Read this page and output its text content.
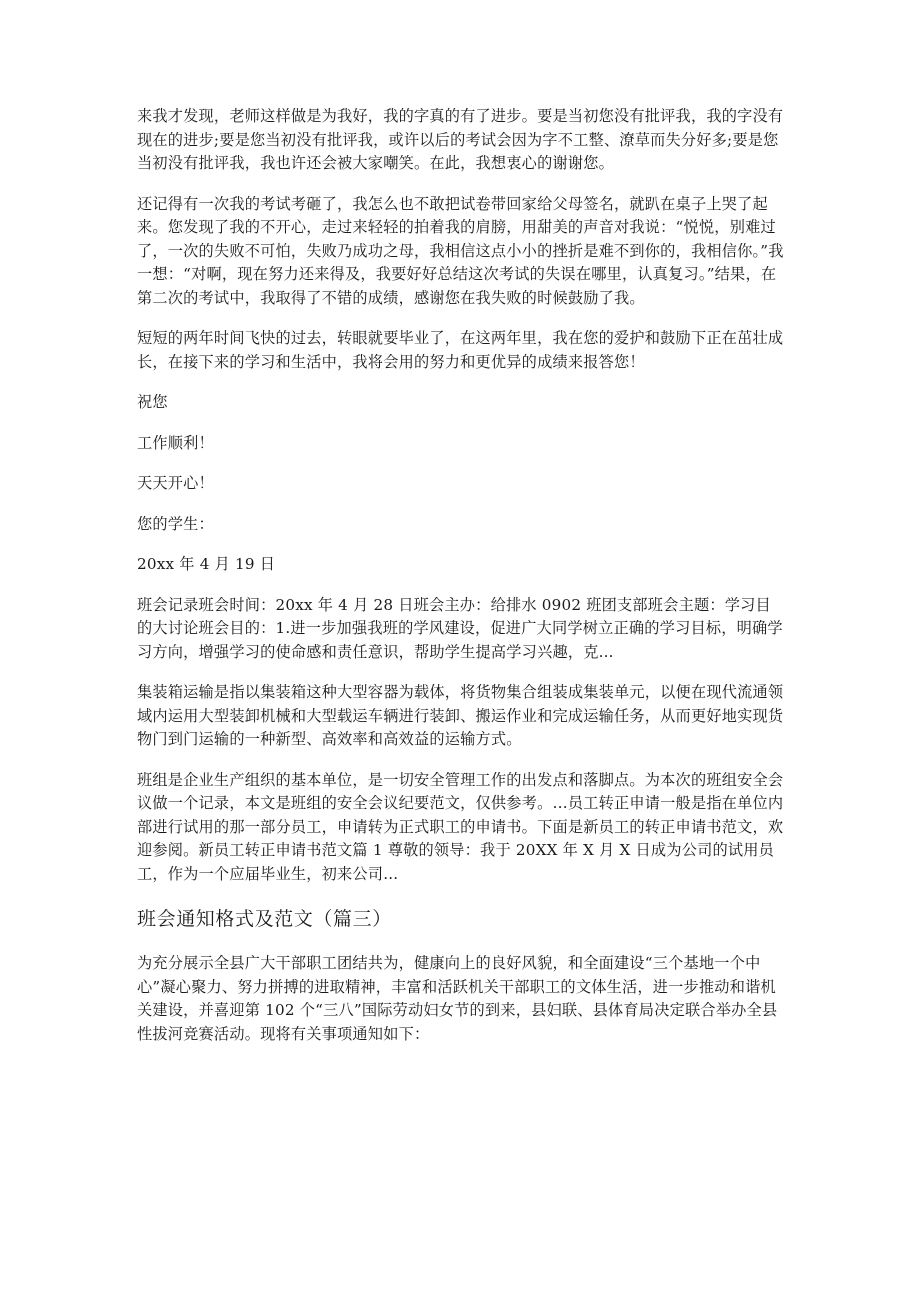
来我才发现，老师这样做是为我好，我的字真的有了进步。要是当初您没有批评我，我的字没有现在的进步;要是您当初没有批评我，或许以后的考试会因为字不工整、潦草而失分好多;要是您当初没有批评我，我也许还会被大家嘲笑。在此，我想衷心的谢谢您。

还记得有一次我的考试考砸了，我怎么也不敢把试卷带回家给父母签名，就趴在桌子上哭了起来。您发现了我的不开心，走过来轻轻的拍着我的肩膀，用甜美的声音对我说：“悦悦，别难过了，一次的失败不可怕，失败乃成功之母，我相信这点小小的挫折是难不到你的，我相信你。”我一想：“对啊，现在努力还来得及，我要好好总结这次考试的失误在哪里，认真复习。”结果，在第二次的考试中，我取得了不错的成绩，感谢您在我失败的时候鼓励了我。

短短的两年时间飞快的过去，转眼就要毕业了，在这两年里，我在您的爱护和鼓励下正在茁壮成长，在接下来的学习和生活中，我将会用的努力和更优异的成绩来报答您！

祝您

工作顺利！

天天开心！

您的学生：

20xx 年 4 月 19 日

班会记录班会时间：20xx 年 4 月 28 日班会主办：给排水 0902 班团支部班会主题：学习目的大讨论班会目的：1.进一步加强我班的学风建设，促进广大同学树立正确的学习目标，明确学习方向，增强学习的使命感和责任意识，帮助学生提高学习兴趣，克...

集装箱运输是指以集装箱这种大型容器为载体，将货物集合组装成集装单元，以便在现代流通领域内运用大型装卸机械和大型载运车辆进行装卸、搬运作业和完成运输任务，从而更好地实现货物门到门运输的一种新型、高效率和高效益的运输方式。

班组是企业生产组织的基本单位，是一切安全管理工作的出发点和落脚点。为本次的班组安全会议做一个记录，本文是班组的安全会议纪要范文，仅供参考。…员工转正申请一般是指在单位内部进行试用的那一部分员工，申请转为正式职工的申请书。下面是新员工的转正申请书范文，欢迎参阅。新员工转正申请书范文篇 1 尊敬的领导：我于 20XX 年 X 月 X 日成为公司的试用员工，作为一个应届毕业生，初来公司...

班会通知格式及范文（篇三）

为充分展示全县广大干部职工团结共为，健康向上的良好风貌，和全面建设“三个基地一个中心”凝心聚力、努力拼搏的进取精神，丰富和活跃机关干部职工的文体生活，进一步推动和谐机关建设，并喜迎第 102 个“三八”国际劳动妇女节的到来，县妇联、县体育局决定联合举办全县性拔河竞赛活动。现将有关事项通知如下：
